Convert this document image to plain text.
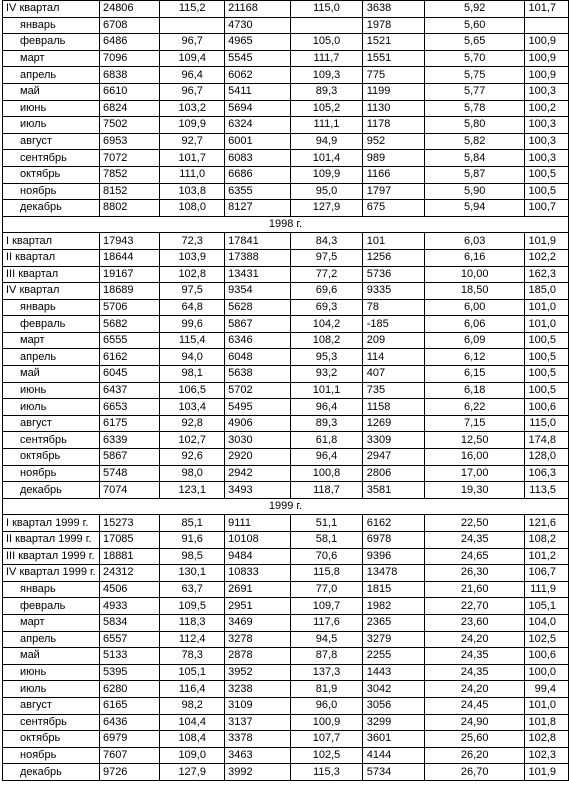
IV квартал	24806	115,2	21168	115,0	3638	5,92	101,7
январь	6708		4730		1978	5,60	
февраль	6486	96,7	4965	105,0	1521	5,65	100,9
март	7096	109,4	5545	111,7	1551	5,70	100,9
апрель	6838	96,4	6062	109,3	775	5,75	100,9
май	6610	96,7	5411	89,3	1199	5,77	100,3
июнь	6824	103,2	5694	105,2	1130	5,78	100,2
июль	7502	109,9	6324	111,1	1178	5,80	100,3
август	6953	92,7	6001	94,9	952	5,82	100,3
сентябрь	7072	101,7	6083	101,4	989	5,84	100,3
октябрь	7852	111,0	6686	109,9	1166	5,87	100,5
ноябрь	8152	103,8	6355	95,0	1797	5,90	100,5
декабрь	8802	108,0	8127	127,9	675	5,94	100,7
1998 г.							
I квартал	17943	72,3	17841	84,3	101	6,03	101,9
II квартал	18644	103,9	17388	97,5	1256	6,16	102,2
III квартал	19167	102,8	13431	77,2	5736	10,00	162,3
IV квартал	18689	97,5	9354	69,6	9335	18,50	185,0
январь	5706	64,8	5628	69,3	78	6,00	101,0
февраль	5682	99,6	5867	104,2	-185	6,06	101,0
март	6555	115,4	6346	108,2	209	6,09	100,5
апрель	6162	94,0	6048	95,3	114	6,12	100,5
май	6045	98,1	5638	93,2	407	6,15	100,5
июнь	6437	106,5	5702	101,1	735	6,18	100,5
июль	6653	103,4	5495	96,4	1158	6,22	100,6
август	6175	92,8	4906	89,3	1269	7,15	115,0
сентябрь	6339	102,7	3030	61,8	3309	12,50	174,8
октябрь	5867	92,6	2920	96,4	2947	16,00	128,0
ноябрь	5748	98,0	2942	100,8	2806	17,00	106,3
декабрь	7074	123,1	3493	118,7	3581	19,30	113,5
1999 г.							
I квартал 1999 г.	15273	85,1	9111	51,1	6162	22,50	121,6
II квартал 1999 г.	17085	91,6	10108	58,1	6978	24,35	108,2
III квартал 1999 г.	18881	98,5	9484	70,6	9396	24,65	101,2
IV квартал 1999 г.	24312	130,1	10833	115,8	13478	26,30	106,7
январь	4506	63,7	2691	77,0	1815	21,60	111,9
февраль	4933	109,5	2951	109,7	1982	22,70	105,1
март	5834	118,3	3469	117,6	2365	23,60	104,0
апрель	6557	112,4	3278	94,5	3279	24,20	102,5
май	5133	78,3	2878	87,8	2255	24,35	100,6
июнь	5395	105,1	3952	137,3	1443	24,35	100,0
июль	6280	116,4	3238	81,9	3042	24,20	99,4
август	6165	98,2	3109	96,0	3056	24,45	101,0
сентябрь	6436	104,4	3137	100,9	3299	24,90	101,8
октябрь	6979	108,4	3378	107,7	3601	25,60	102,8
ноябрь	7607	109,0	3463	102,5	4144	26,20	102,3
декабрь	9726	127,9	3992	115,3	5734	26,70	101,9
